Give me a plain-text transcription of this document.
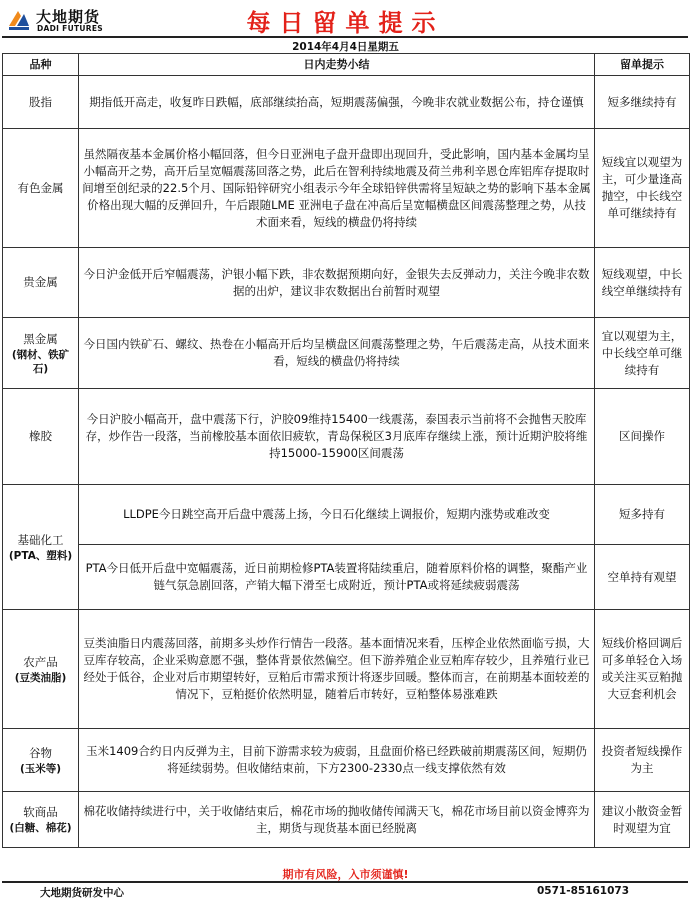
大地期货
DADI FUTURES	每日留单提示
2014年4月4日星期五
品种	日内走势小结	留单提示
股指	期指低开高走，收复昨日跌幅，底部继续抬高，短期震荡偏强，今晚非农就业数据公布，持仓谨慎	短多继续持有
有色金属	虽然隔夜基本金属价格小幅回落，但今日亚洲电子盘开盘即出现回升，受此影响，国内基本金属均呈小幅高开之势，高开后呈宽幅震荡回落之势，此后在智利持续地震及荷兰弗利辛恩仓库铝库存提取时间增至创纪录的22.5个月、国际铅锌研究小组表示今年全球铅锌供需将呈短缺之势的影响下基本金属价格出现大幅的反弹回升，午后跟随LME 亚洲电子盘在冲高后呈宽幅横盘区间震荡整理之势，从技术面来看，短线的横盘仍将持续	短线宜以观望为主，可少量逢高抛空，中长线空单可继续持有
贵金属	今日沪金低开后窄幅震荡，沪银小幅下跌，非农数据预期向好，金银失去反弹动力，关注今晚非农数据的出炉，建议非农数据出台前暂时观望	短线观望，中长线空单继续持有
黑金属
(钢材、铁矿石)	今日国内铁矿石、螺纹、热卷在小幅高开后均呈横盘区间震荡整理之势，午后震荡走高，从技术面来看，短线的横盘仍将持续	宜以观望为主，中长线空单可继续持有
橡胶	今日沪胶小幅高开，盘中震荡下行，沪胶09维持15400一线震荡，泰国表示当前将不会抛售天胶库存，炒作告一段落，当前橡胶基本面依旧疲软，青岛保税区3月底库存继续上涨，预计近期沪胶将维持15000-15900区间震荡	区间操作
基础化工
(PTA、塑料)	LLDPE今日跳空高开后盘中震荡上扬，今日石化继续上调报价，短期内涨势或难改变	短多持有
	PTA今日低开后盘中宽幅震荡，近日前期检修PTA装置将陆续重启，随着原料价格的调整，聚酯产业链气氛急剧回落，产销大幅下滑至七成附近，预计PTA或将延续疲弱震荡	空单持有观望
农产品
(豆类油脂)	豆类油脂日内震荡回落，前期多头炒作行情告一段落。基本面情况来看，压榨企业依然面临亏损，大豆库存较高，企业采购意愿不强，整体背景依然偏空。但下游养殖企业豆粕库存较少，且养殖行业已经处于低谷，企业对后市期望转好，豆粕后市需求预计将逐步回暖。整体而言，在前期基本面较差的情况下，豆粕挺价依然明显，随着后市转好，豆粕整体易涨难跌	短线价格回调后可多单轻仓入场或关注买豆粕抛大豆套利机会
谷物
(玉米等)	玉米1409合约日内反弹为主，目前下游需求较为疲弱，且盘面价格已经跌破前期震荡区间，短期仍将延续弱势。但收储结束前，下方2300-2330点一线支撑依然有效	投资者短线操作为主
软商品
(白糖、棉花)	棉花收储持续进行中，关于收储结束后，棉花市场的抛收储传闻满天飞，棉花市场目前以资金博弈为主，期货与现货基本面已经脱离	建议小散资金暂时观望为宜
期市有风险，入市须谨慎!
大地期货研发中心	0571-85161073
